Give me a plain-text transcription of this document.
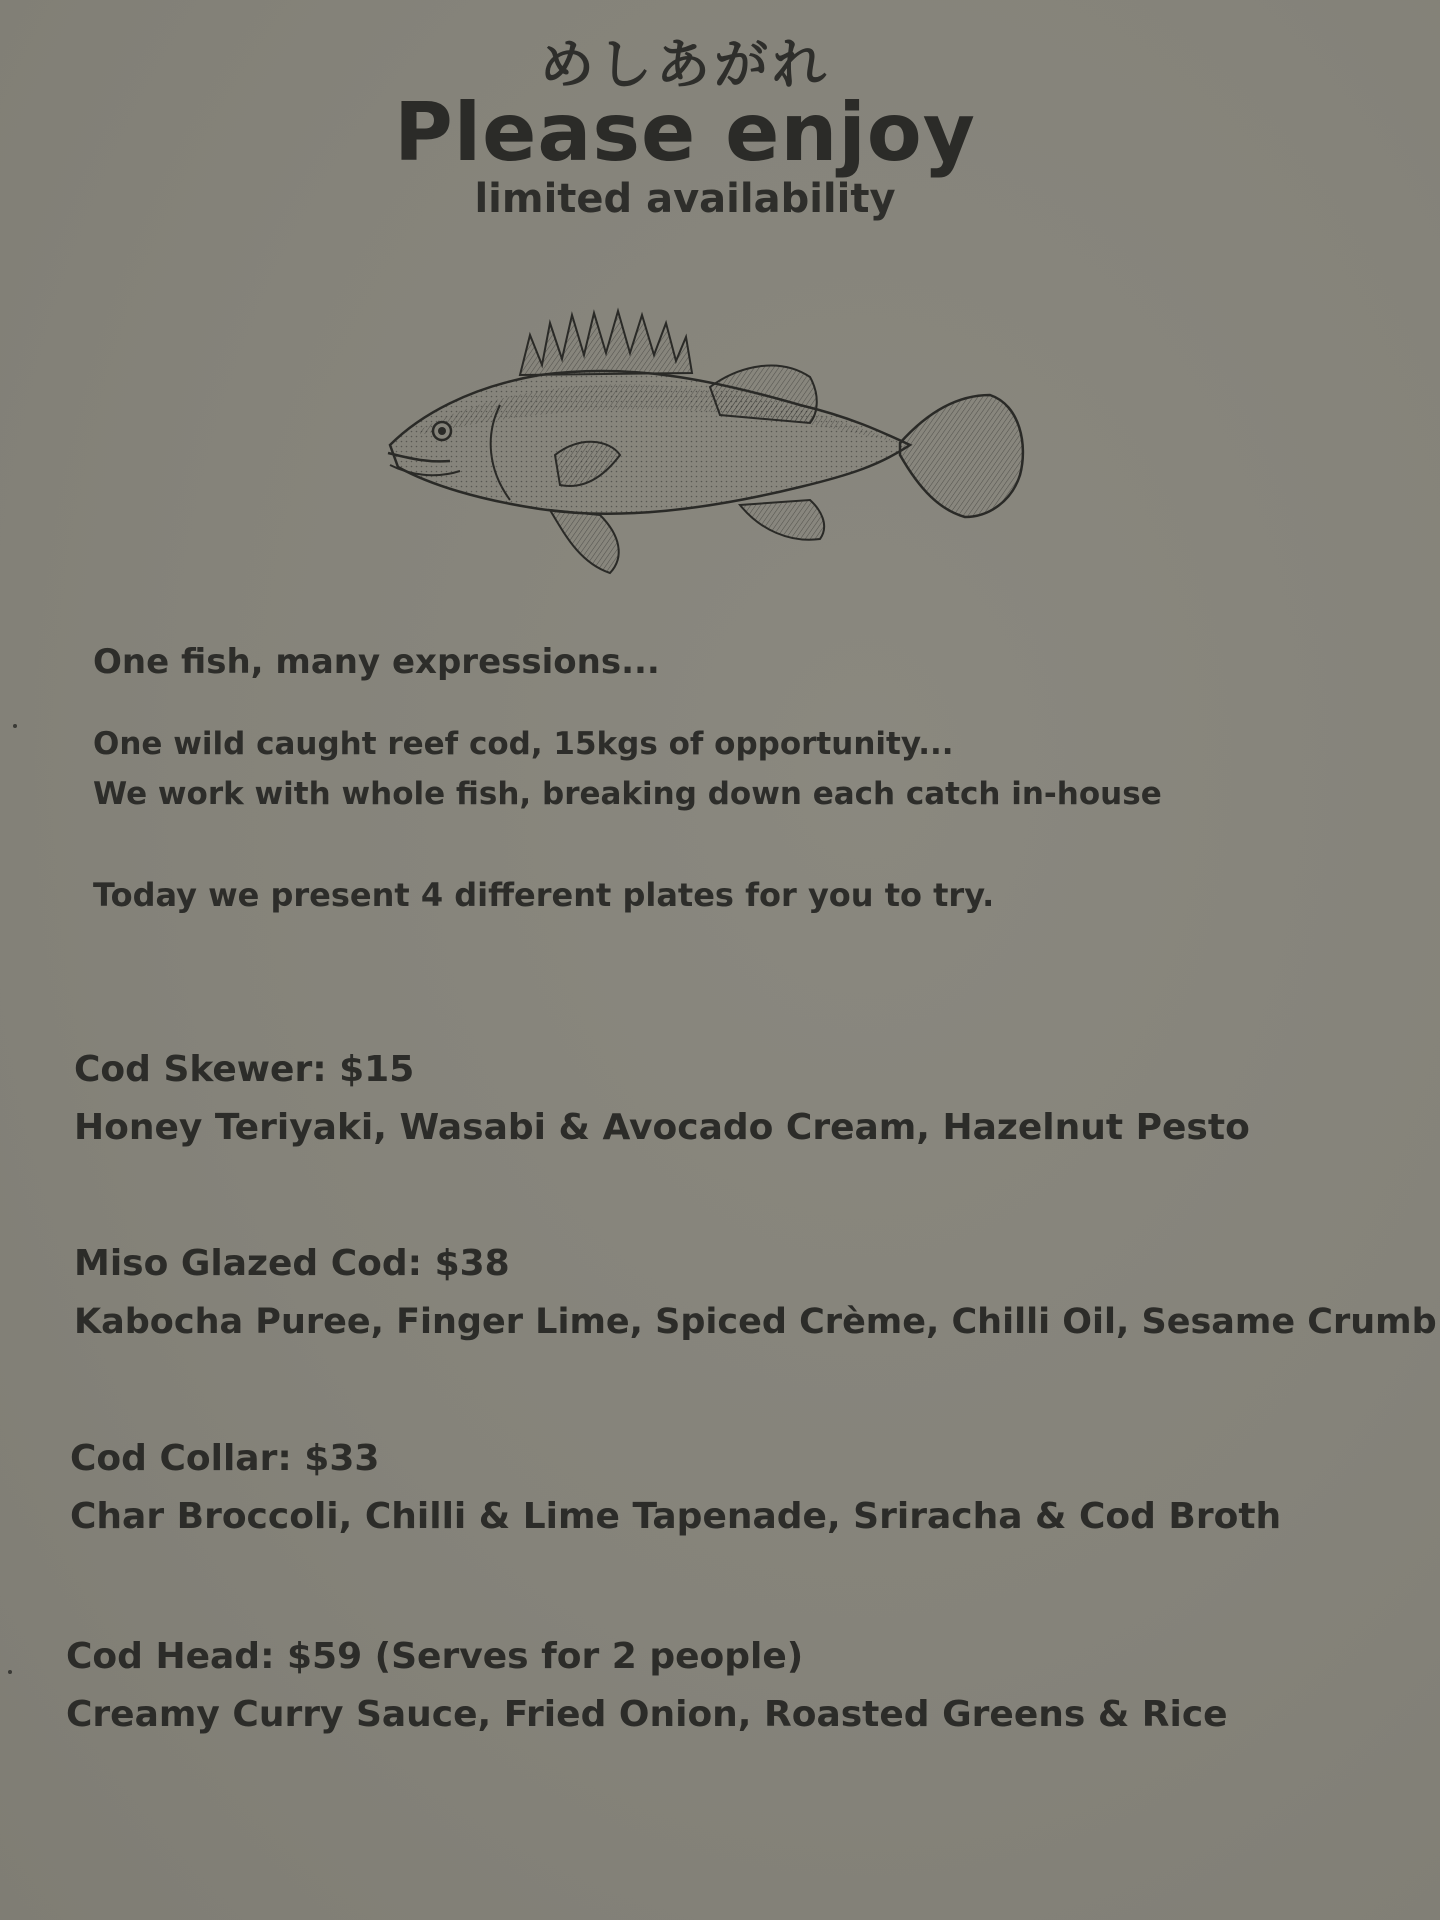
めしあがれ
Please enjoy
limited availability
One fish, many expressions...
One wild caught reef cod, 15kgs of opportunity...
We work with whole fish, breaking down each catch in-house
Today we present 4 different plates for you to try.
Cod Skewer: $15
Honey Teriyaki, Wasabi & Avocado Cream, Hazelnut Pesto
Miso Glazed Cod: $38
Kabocha Puree, Finger Lime, Spiced Crème, Chilli Oil, Sesame Crumb
Cod Collar: $33
Char Broccoli, Chilli & Lime Tapenade, Sriracha & Cod Broth
Cod Head: $59 (Serves for 2 people)
Creamy Curry Sauce, Fried Onion, Roasted Greens & Rice
